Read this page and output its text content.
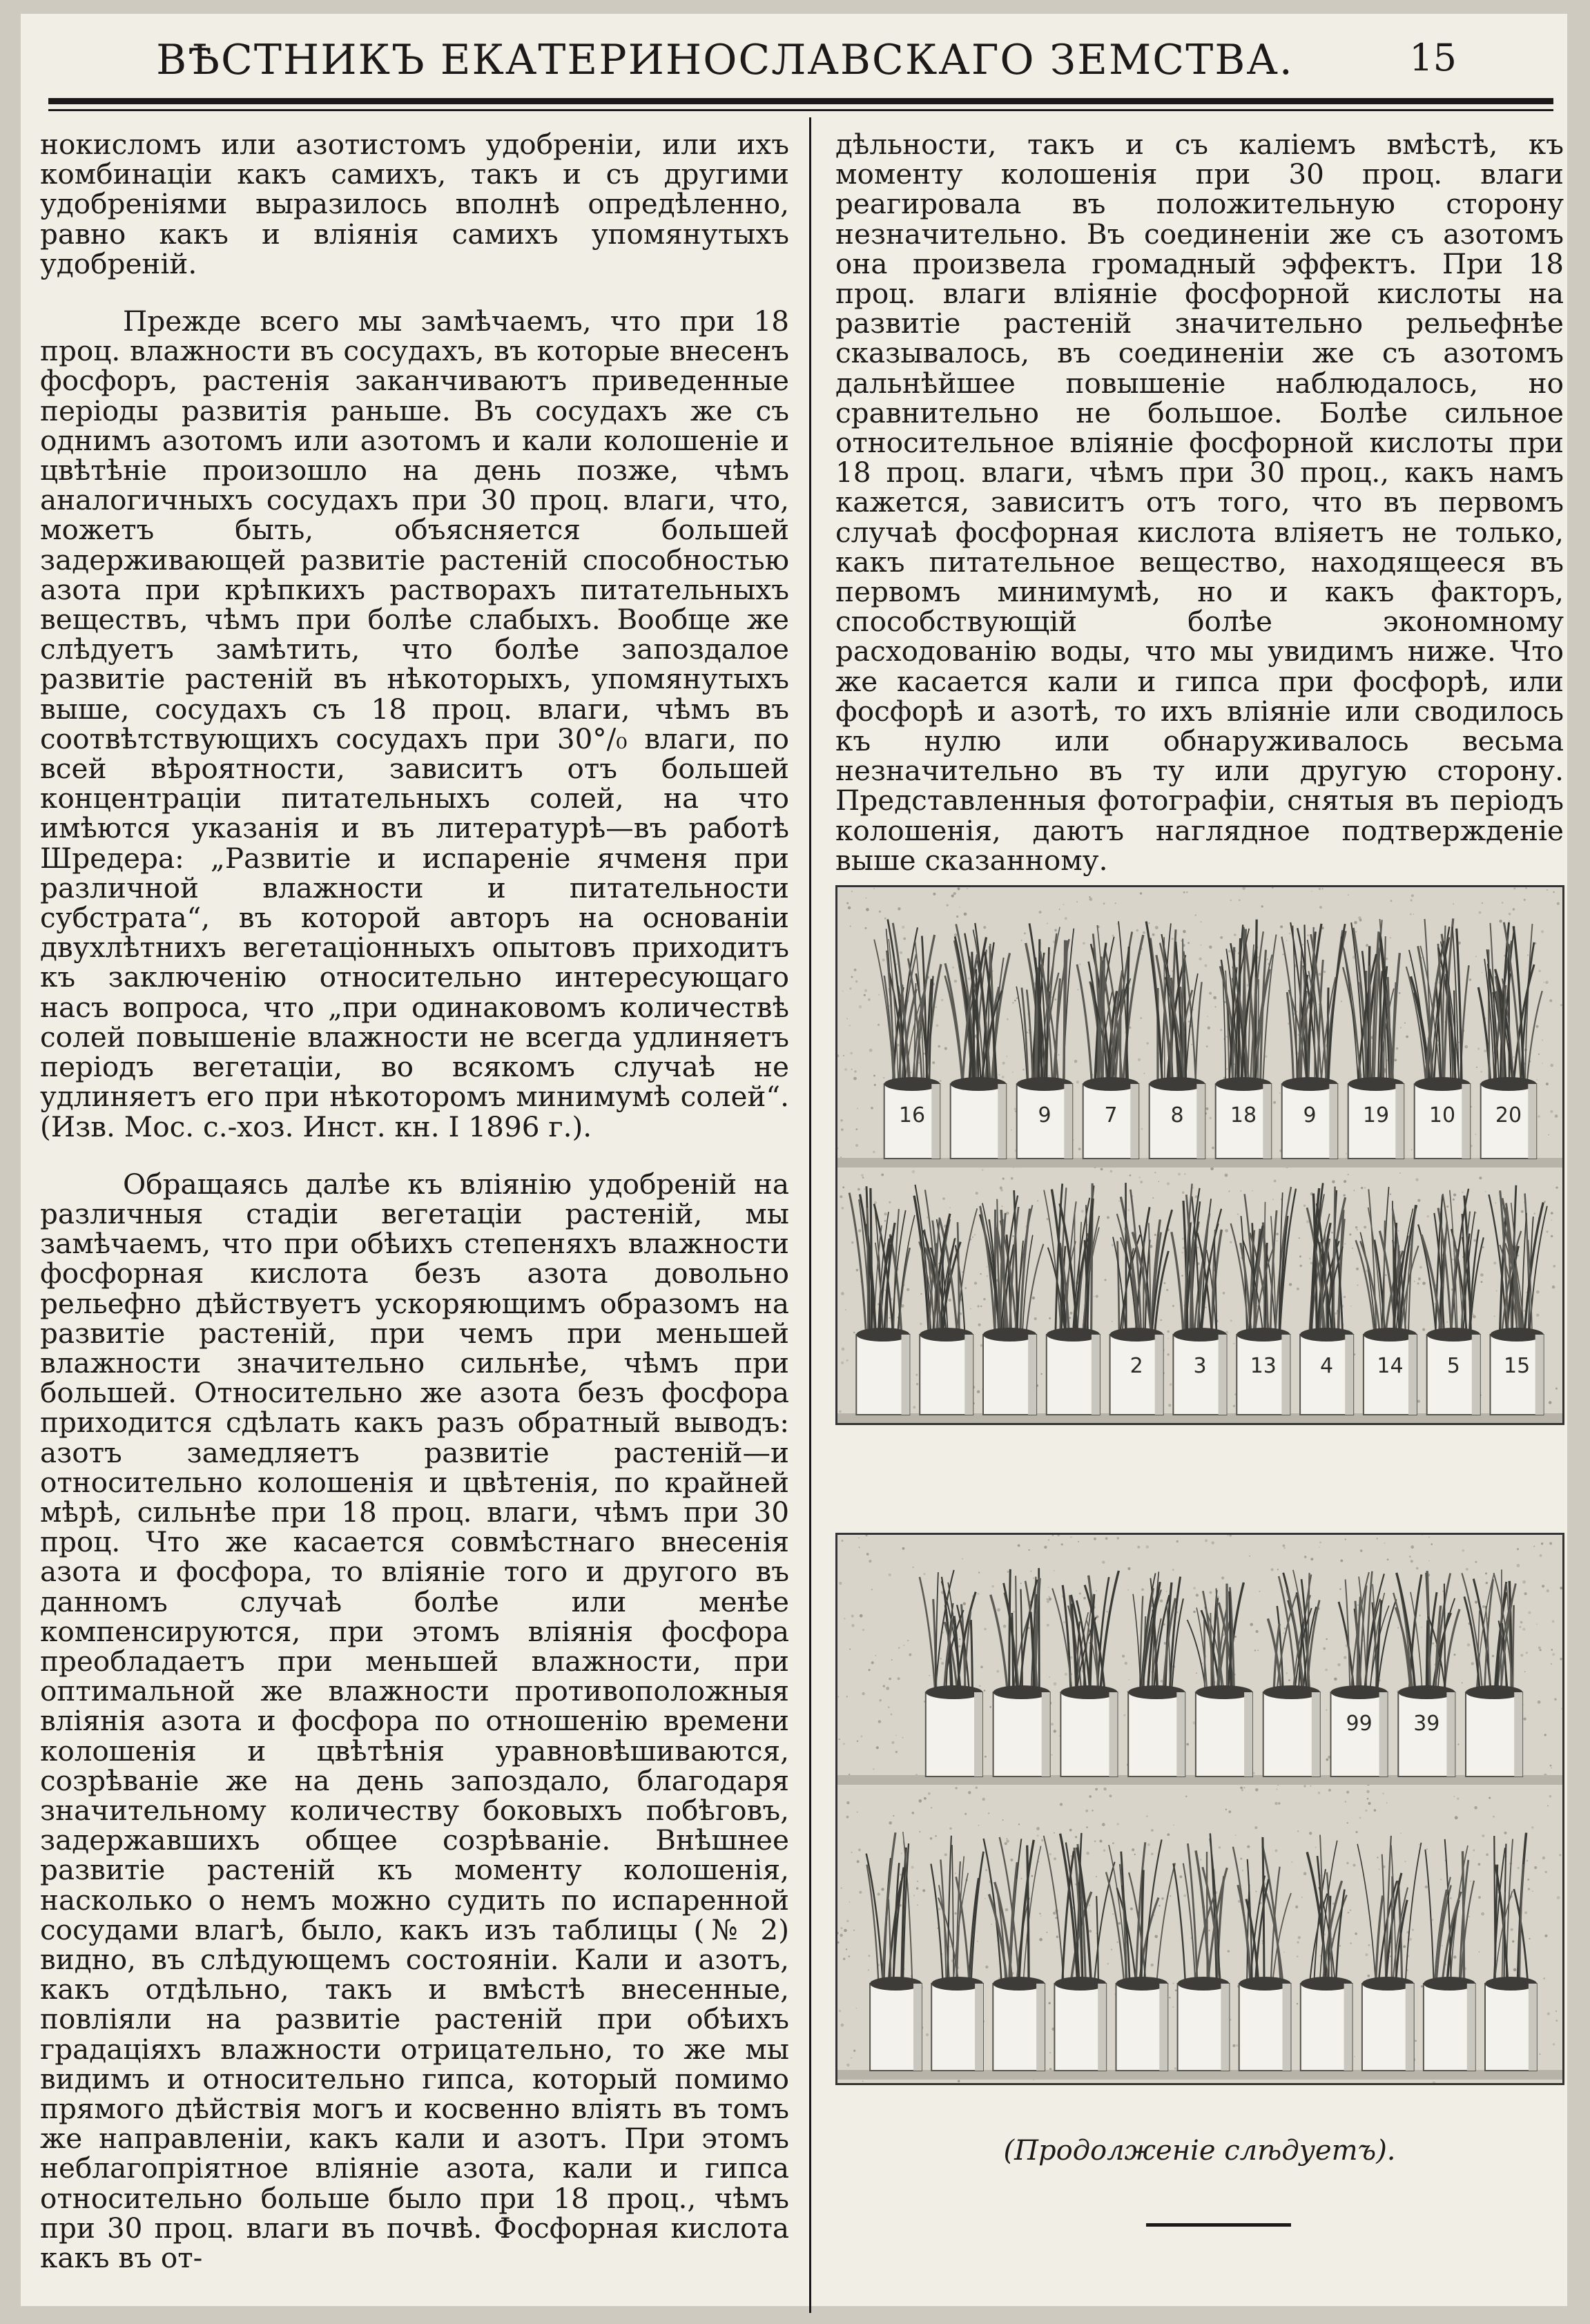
ВѢСТНИКЪ ЕКАТЕРИНОСЛАВСКАГО ЗЕМСТВА.	15

нокисломъ или азотистомъ удобреніи, или ихъ комбинаціи какъ самихъ, такъ и съ другими удобреніями выразилось вполнѣ опредѣленно, равно какъ и вліянія самихъ упомянутыхъ удобреній.

Прежде всего мы замѣчаемъ, что при 18 проц. влажности въ сосудахъ, въ которые внесенъ фосфоръ, растенія заканчиваютъ приведенные періоды развитія раньше. Въ сосудахъ же съ однимъ азотомъ или азотомъ и кали колошеніе и цвѣтѣніе произошло на день позже, чѣмъ аналогичныхъ сосудахъ при 30 проц. влаги, что, можетъ быть, объясняется большей задерживающей развитіе растеній способностью азота при крѣпкихъ растворахъ питательныхъ веществъ, чѣмъ при болѣе слабыхъ. Вообще же слѣдуетъ замѣтить, что болѣе запоздалое развитіе растеній въ нѣкоторыхъ, упомянутыхъ выше, сосудахъ съ 18 проц. влаги, чѣмъ въ соотвѣтствующихъ сосудахъ при 30°/₀ влаги, по всей вѣроятности, зависитъ отъ большей концентраціи питательныхъ солей, на что имѣются указанія и въ литературѣ—въ работѣ Шредера: „Развитіе и испареніе ячменя при различной влажности и питательности субстрата“, въ которой авторъ на основаніи двухлѣтнихъ вегетаціонныхъ опытовъ приходитъ къ заключенію относительно интересующаго насъ вопроса, что „при одинаковомъ количествѣ солей повышеніе влажности не всегда удлиняетъ періодъ вегетаціи, во всякомъ случаѣ не удлиняетъ его при нѣкоторомъ минимумѣ солей“. (Изв. Мос. с.-хоз. Инст. кн. I 1896 г.).

Обращаясь далѣе къ вліянію удобреній на различныя стадіи вегетаціи растеній, мы замѣчаемъ, что при обѣихъ степеняхъ влажности фосфорная кислота безъ азота довольно рельефно дѣйствуетъ ускоряющимъ образомъ на развитіе растеній, при чемъ при меньшей влажности значительно сильнѣе, чѣмъ при большей. Относительно же азота безъ фосфора приходится сдѣлать какъ разъ обратный выводъ: азотъ замедляетъ развитіе растеній—и относительно колошенія и цвѣтенія, по крайней мѣрѣ, сильнѣе при 18 проц. влаги, чѣмъ при 30 проц. Что же касается совмѣстнаго внесенія азота и фосфора, то вліяніе того и другого въ данномъ случаѣ болѣе или менѣе компенсируются, при этомъ вліянія фосфора преобладаетъ при меньшей влажности, при оптимальной же влажности противоположныя вліянія азота и фосфора по отношенію времени колошенія и цвѣтѣнія уравновѣшиваются, созрѣваніе же на день запоздало, благодаря значительному количеству боковыхъ побѣговъ, задержавшихъ общее созрѣваніе. Внѣшнее развитіе растеній къ моменту колошенія, насколько о немъ можно судить по испаренной сосудами влагѣ, было, какъ изъ таблицы (№ 2) видно, въ слѣдующемъ состояніи. Кали и азотъ, какъ отдѣльно, такъ и вмѣстѣ внесенные, повліяли на развитіе растеній при обѣихъ градаціяхъ влажности отрицательно, то же мы видимъ и относительно гипса, который помимо прямого дѣйствія могъ и косвенно вліять въ томъ же направленіи, какъ кали и азотъ. При этомъ неблагопріятное вліяніе азота, кали и гипса относительно больше было при 18 проц., чѣмъ при 30 проц. влаги въ почвѣ. Фосфорная кислота какъ въ от-

дѣльности, такъ и съ каліемъ вмѣстѣ, къ моменту колошенія при 30 проц. влаги реагировала въ положительную сторону незначительно. Въ соединеніи же съ азотомъ она произвела громадный эффектъ. При 18 проц. влаги вліяніе фосфорной кислоты на развитіе растеній значительно рельефнѣе сказывалось, въ соединеніи же съ азотомъ дальнѣйшее повышеніе наблюдалось, но сравнительно не большое. Болѣе сильное относительное вліяніе фосфорной кислоты при 18 проц. влаги, чѣмъ при 30 проц., какъ намъ кажется, зависитъ отъ того, что въ первомъ случаѣ фосфорная кислота вліяетъ не только, какъ питательное вещество, находящееся въ первомъ минимумѣ, но и какъ факторъ, способствующій болѣе экономному расходованію воды, что мы увидимъ ниже. Что же касается кали и гипса при фосфорѣ, или фосфорѣ и азотѣ, то ихъ вліяніе или сводилось къ нулю или обнаруживалось весьма незначительно въ ту или другую сторону. Представленныя фотографіи, снятыя въ періодъ колошенія, даютъ наглядное подтвержденіе выше сказанному.

16	9	7	8 18 9 19 10 20
2 3 13 4 14 5 15
99 39
(Продолженіе слѣдуетъ).
